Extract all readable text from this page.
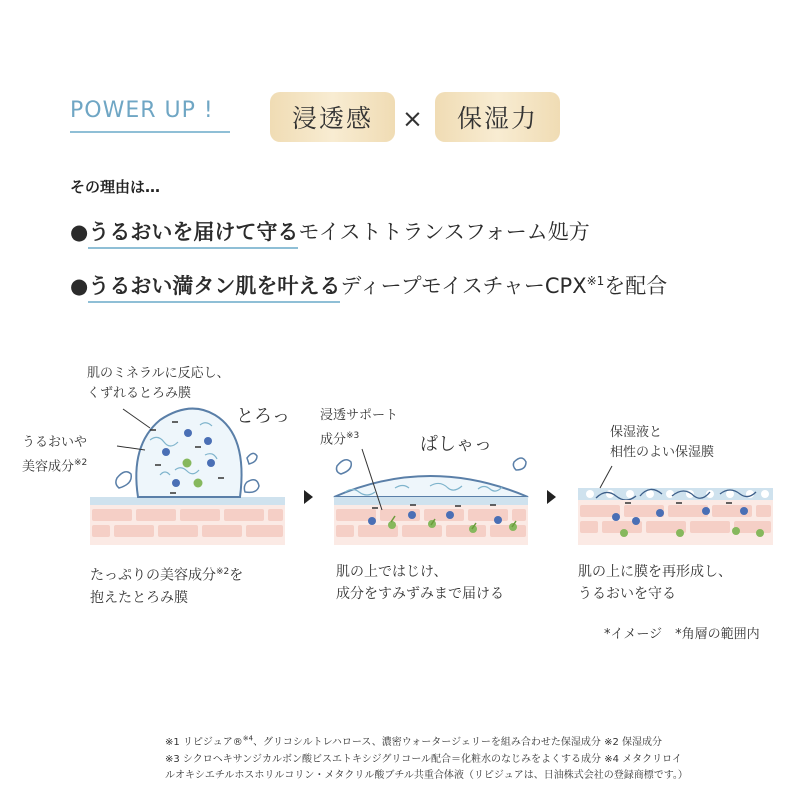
POWER UP !	浸透感	×	保湿力
その理由は…
●うるおいを届けて守るモイストトランスフォーム処方
●うるおい満タン肌を叶えるディープモイスチャーCPX$^{※1}$を配合
肌のミネラルに反応し、
くずれるとろみ膜
とろっ
うるおいや
美容成分$^{※2}$
たっぷりの美容成分$^{※2}$を
抱えたとろみ膜
浸透サポート
成分$^{※3}$	ぱしゃっ
肌の上ではじけ、
成分をすみずみまで届ける
保湿液と
相性のよい保湿膜
肌の上に膜を再形成し、
うるおいを守る
*イメージ　*角層の範囲内
※1 リピジュア®$^{※4}$、グリコシルトレハロース、濃密ウォータージェリーを組み合わせた保湿成分 ※2 保湿成分
※3 シクロヘキサンジカルボン酸ビスエトキシジグリコール配合＝化粧水のなじみをよくする成分 ※4 メタクリロイ
ルオキシエチルホスホリルコリン・メタクリル酸ブチル共重合体液（リピジュアは、日油株式会社の登録商標です。）
